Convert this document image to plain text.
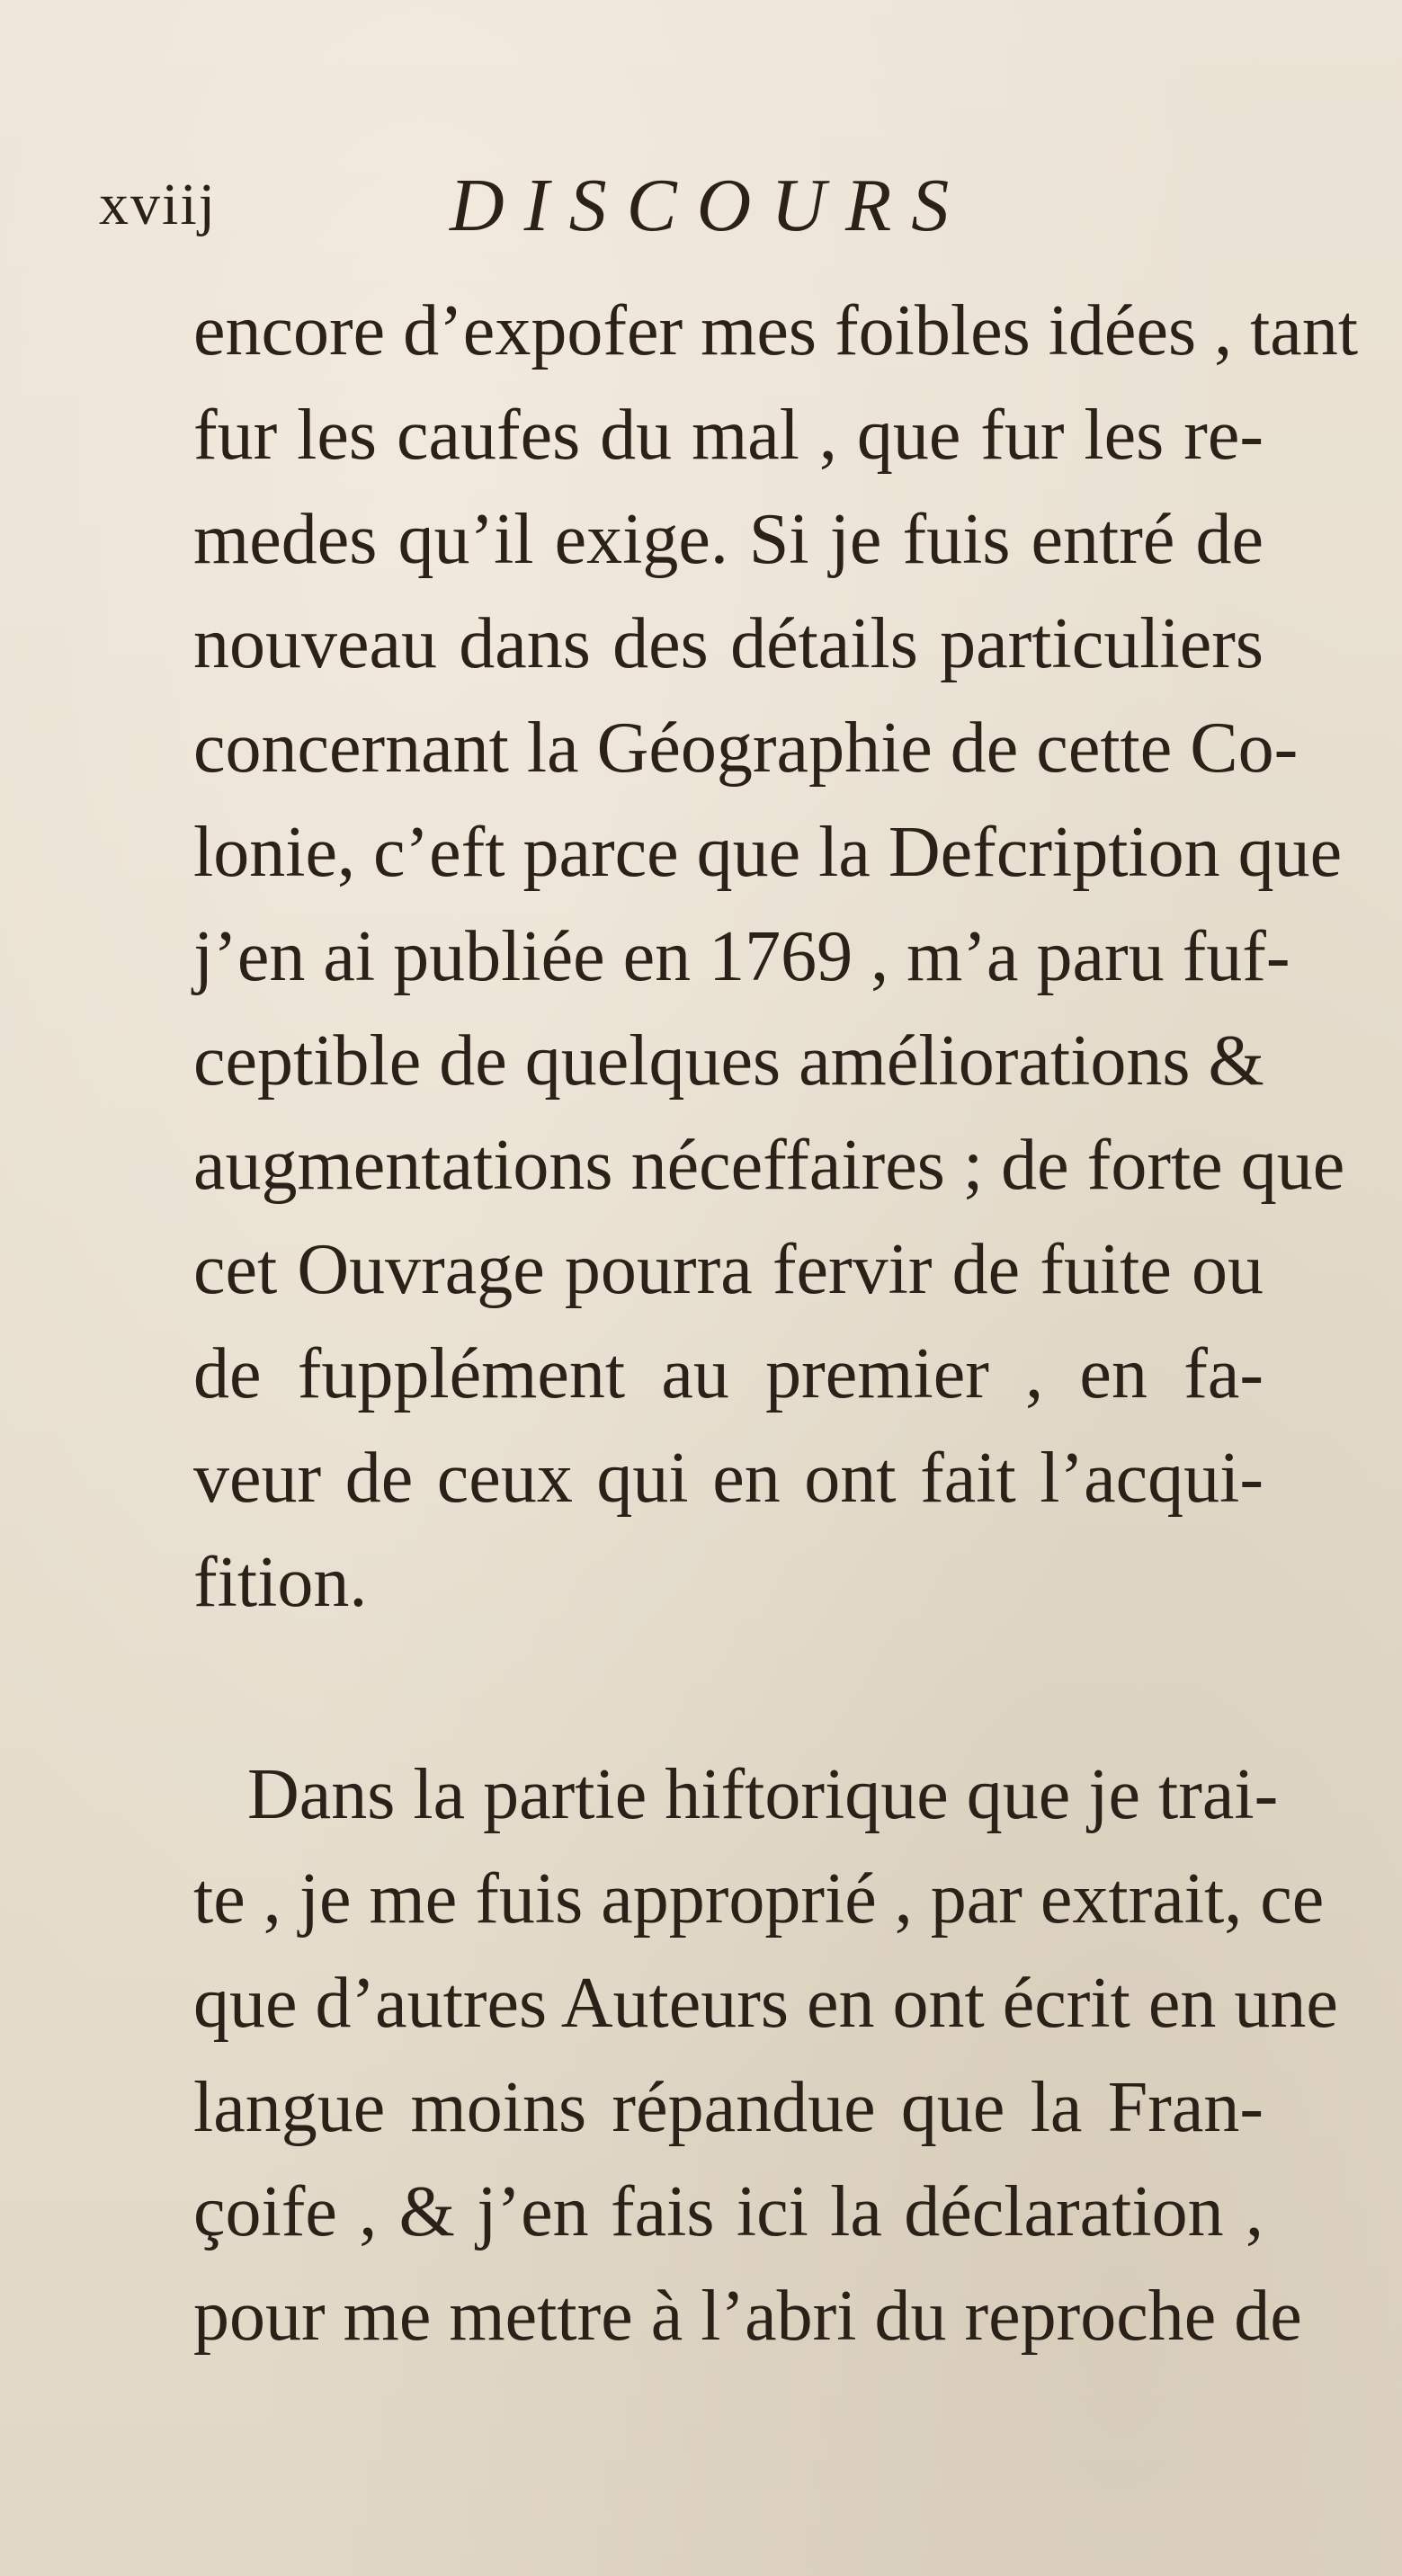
xviij	DISCOURS
encore d’expofer mes foibles idées , tant
fur les caufes du mal , que fur les re-
medes qu’il exige. Si je fuis entré de
nouveau dans des détails particuliers
concernant la Géographie de cette Co-
lonie, c’eft parce que la Defcription que
j’en ai publiée en 1769 , m’a paru fuf-
ceptible de quelques améliorations &
augmentations néceffaires ; de forte que
cet Ouvrage pourra fervir de fuite ou
de fupplément au premier , en fa-
veur de ceux qui en ont fait l’acqui-
fition.
Dans la partie hiftorique que je trai-
te , je me fuis approprié , par extrait, ce
que d’autres Auteurs en ont écrit en une
langue moins répandue que la Fran-
çoife , & j’en fais ici la déclaration ,
pour me mettre à l’abri du reproche de
